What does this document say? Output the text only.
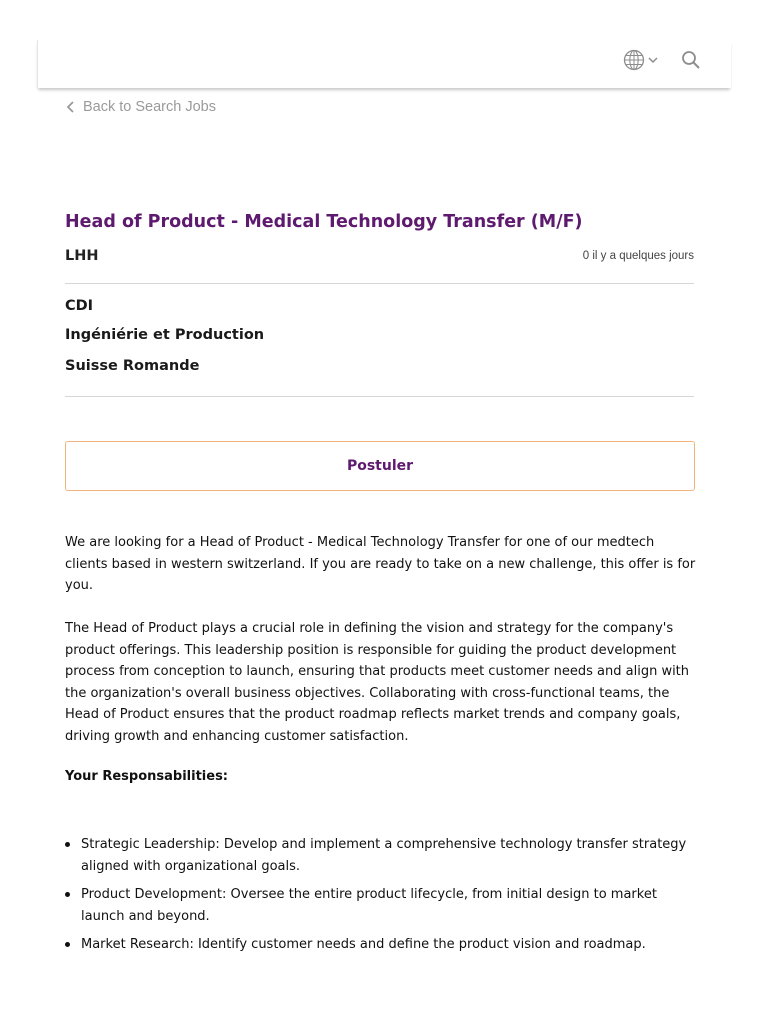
Back to Search Jobs
Head of Product - Medical Technology Transfer (M/F)
LHH	0 il y a quelques jours
CDI
Ingéniérie et Production
Suisse Romande
Postuler

We are looking for a Head of Product - Medical Technology Transfer for one of our medtech clients based in western switzerland. If you are ready to take on a new challenge, this offer is for you.

The Head of Product plays a crucial role in defining the vision and strategy for the company's product offerings. This leadership position is responsible for guiding the product development process from conception to launch, ensuring that products meet customer needs and align with the organization's overall business objectives. Collaborating with cross-functional teams, the Head of Product ensures that the product roadmap reflects market trends and company goals, driving growth and enhancing customer satisfaction.

Your Responsabilities:
Strategic Leadership: Develop and implement a comprehensive technology transfer strategy aligned with organizational goals.
Product Development: Oversee the entire product lifecycle, from initial design to market launch and beyond.
Market Research: Identify customer needs and define the product vision and roadmap.
